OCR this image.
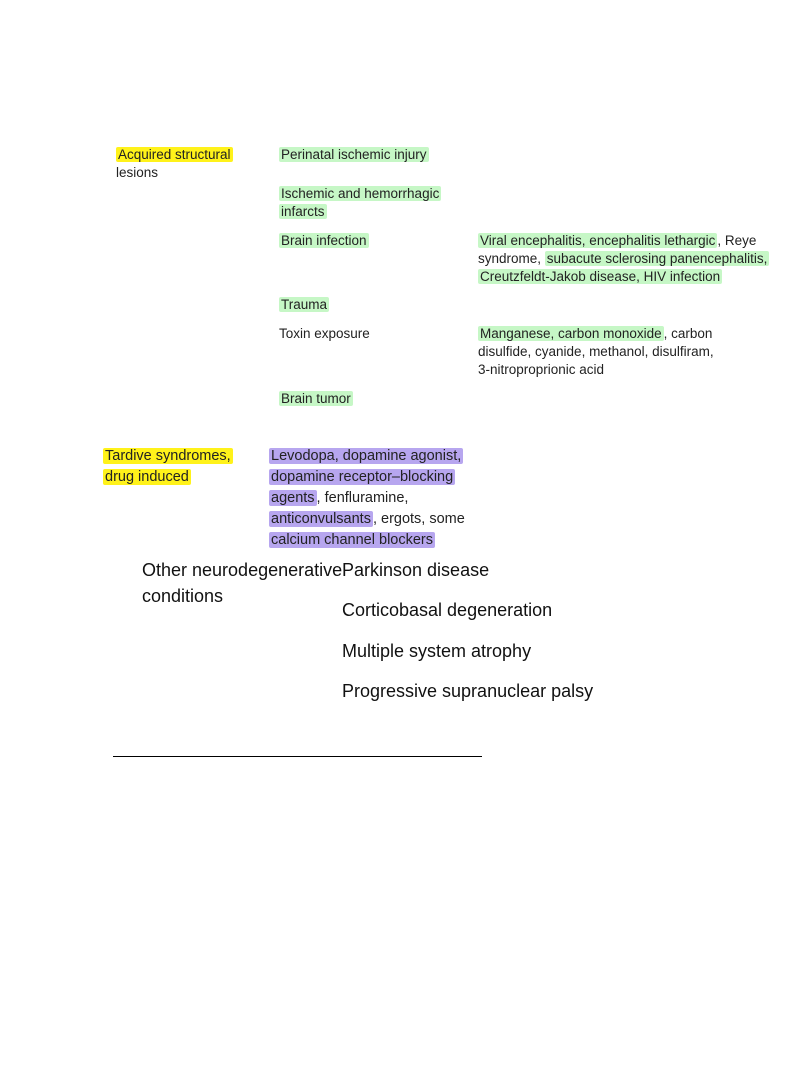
Acquired structural
lesions
Perinatal ischemic injury
Ischemic and hemorrhagic
infarcts
Brain infection	Viral encephalitis, encephalitis lethargic , Reye
syndrome, subacute sclerosing panencephalitis,
Creutzfeldt-Jakob disease, HIV infection
Trauma
Toxin exposure	Manganese, carbon monoxide , carbon
disulfide, cyanide, methanol, disulfiram,
3-nitroproprionic acid
Brain tumor
Tardive syndromes,
drug induced
Levodopa, dopamine agonist,
dopamine receptor–blocking
agents , fenfluramine,
anticonvulsants , ergots, some
calcium channel blockers
Other neurodegenerative
conditions
Parkinson disease
Corticobasal degeneration
Multiple system atrophy
Progressive supranuclear palsy
